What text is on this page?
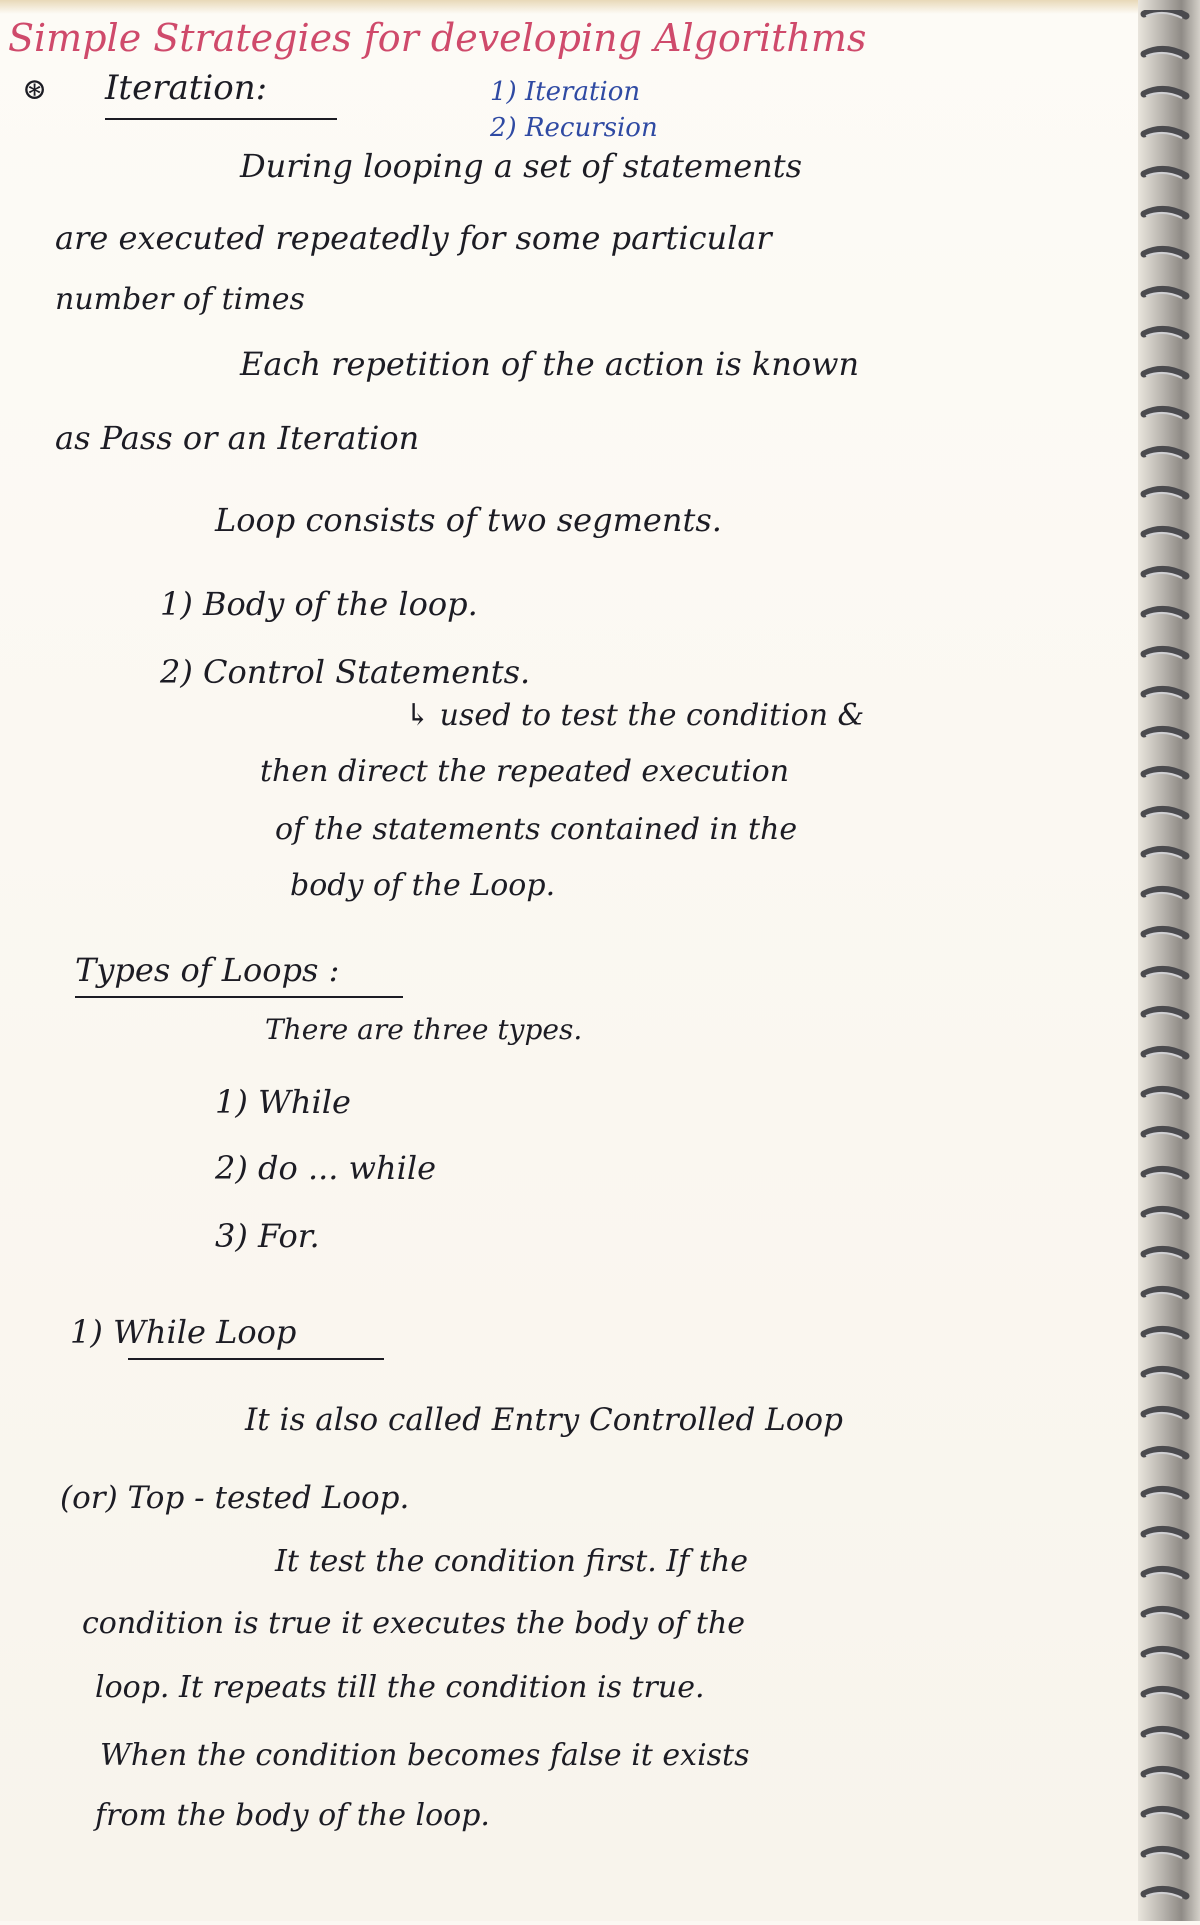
Simple Strategies for developing Algorithms
⊛ Iteration:	1) Iteration
2) Recursion
During looping a set of statements
are executed repeatedly for some particular
number of times
Each repetition of the action is known
as Pass or an Iteration
Loop consists of two segments.
1) Body of the loop.
2) Control Statements.
↳ used to test the condition &
then direct the repeated execution
of the statements contained in the
body of the Loop.
Types of Loops :
There are three types.
1) While
2) do ... while
3) For.
1) While Loop
It is also called Entry Controlled Loop
(or) Top - tested Loop.
It test the condition first. If the
condition is true it executes the body of the
loop. It repeats till the condition is true.
When the condition becomes false it exists
from the body of the loop.
